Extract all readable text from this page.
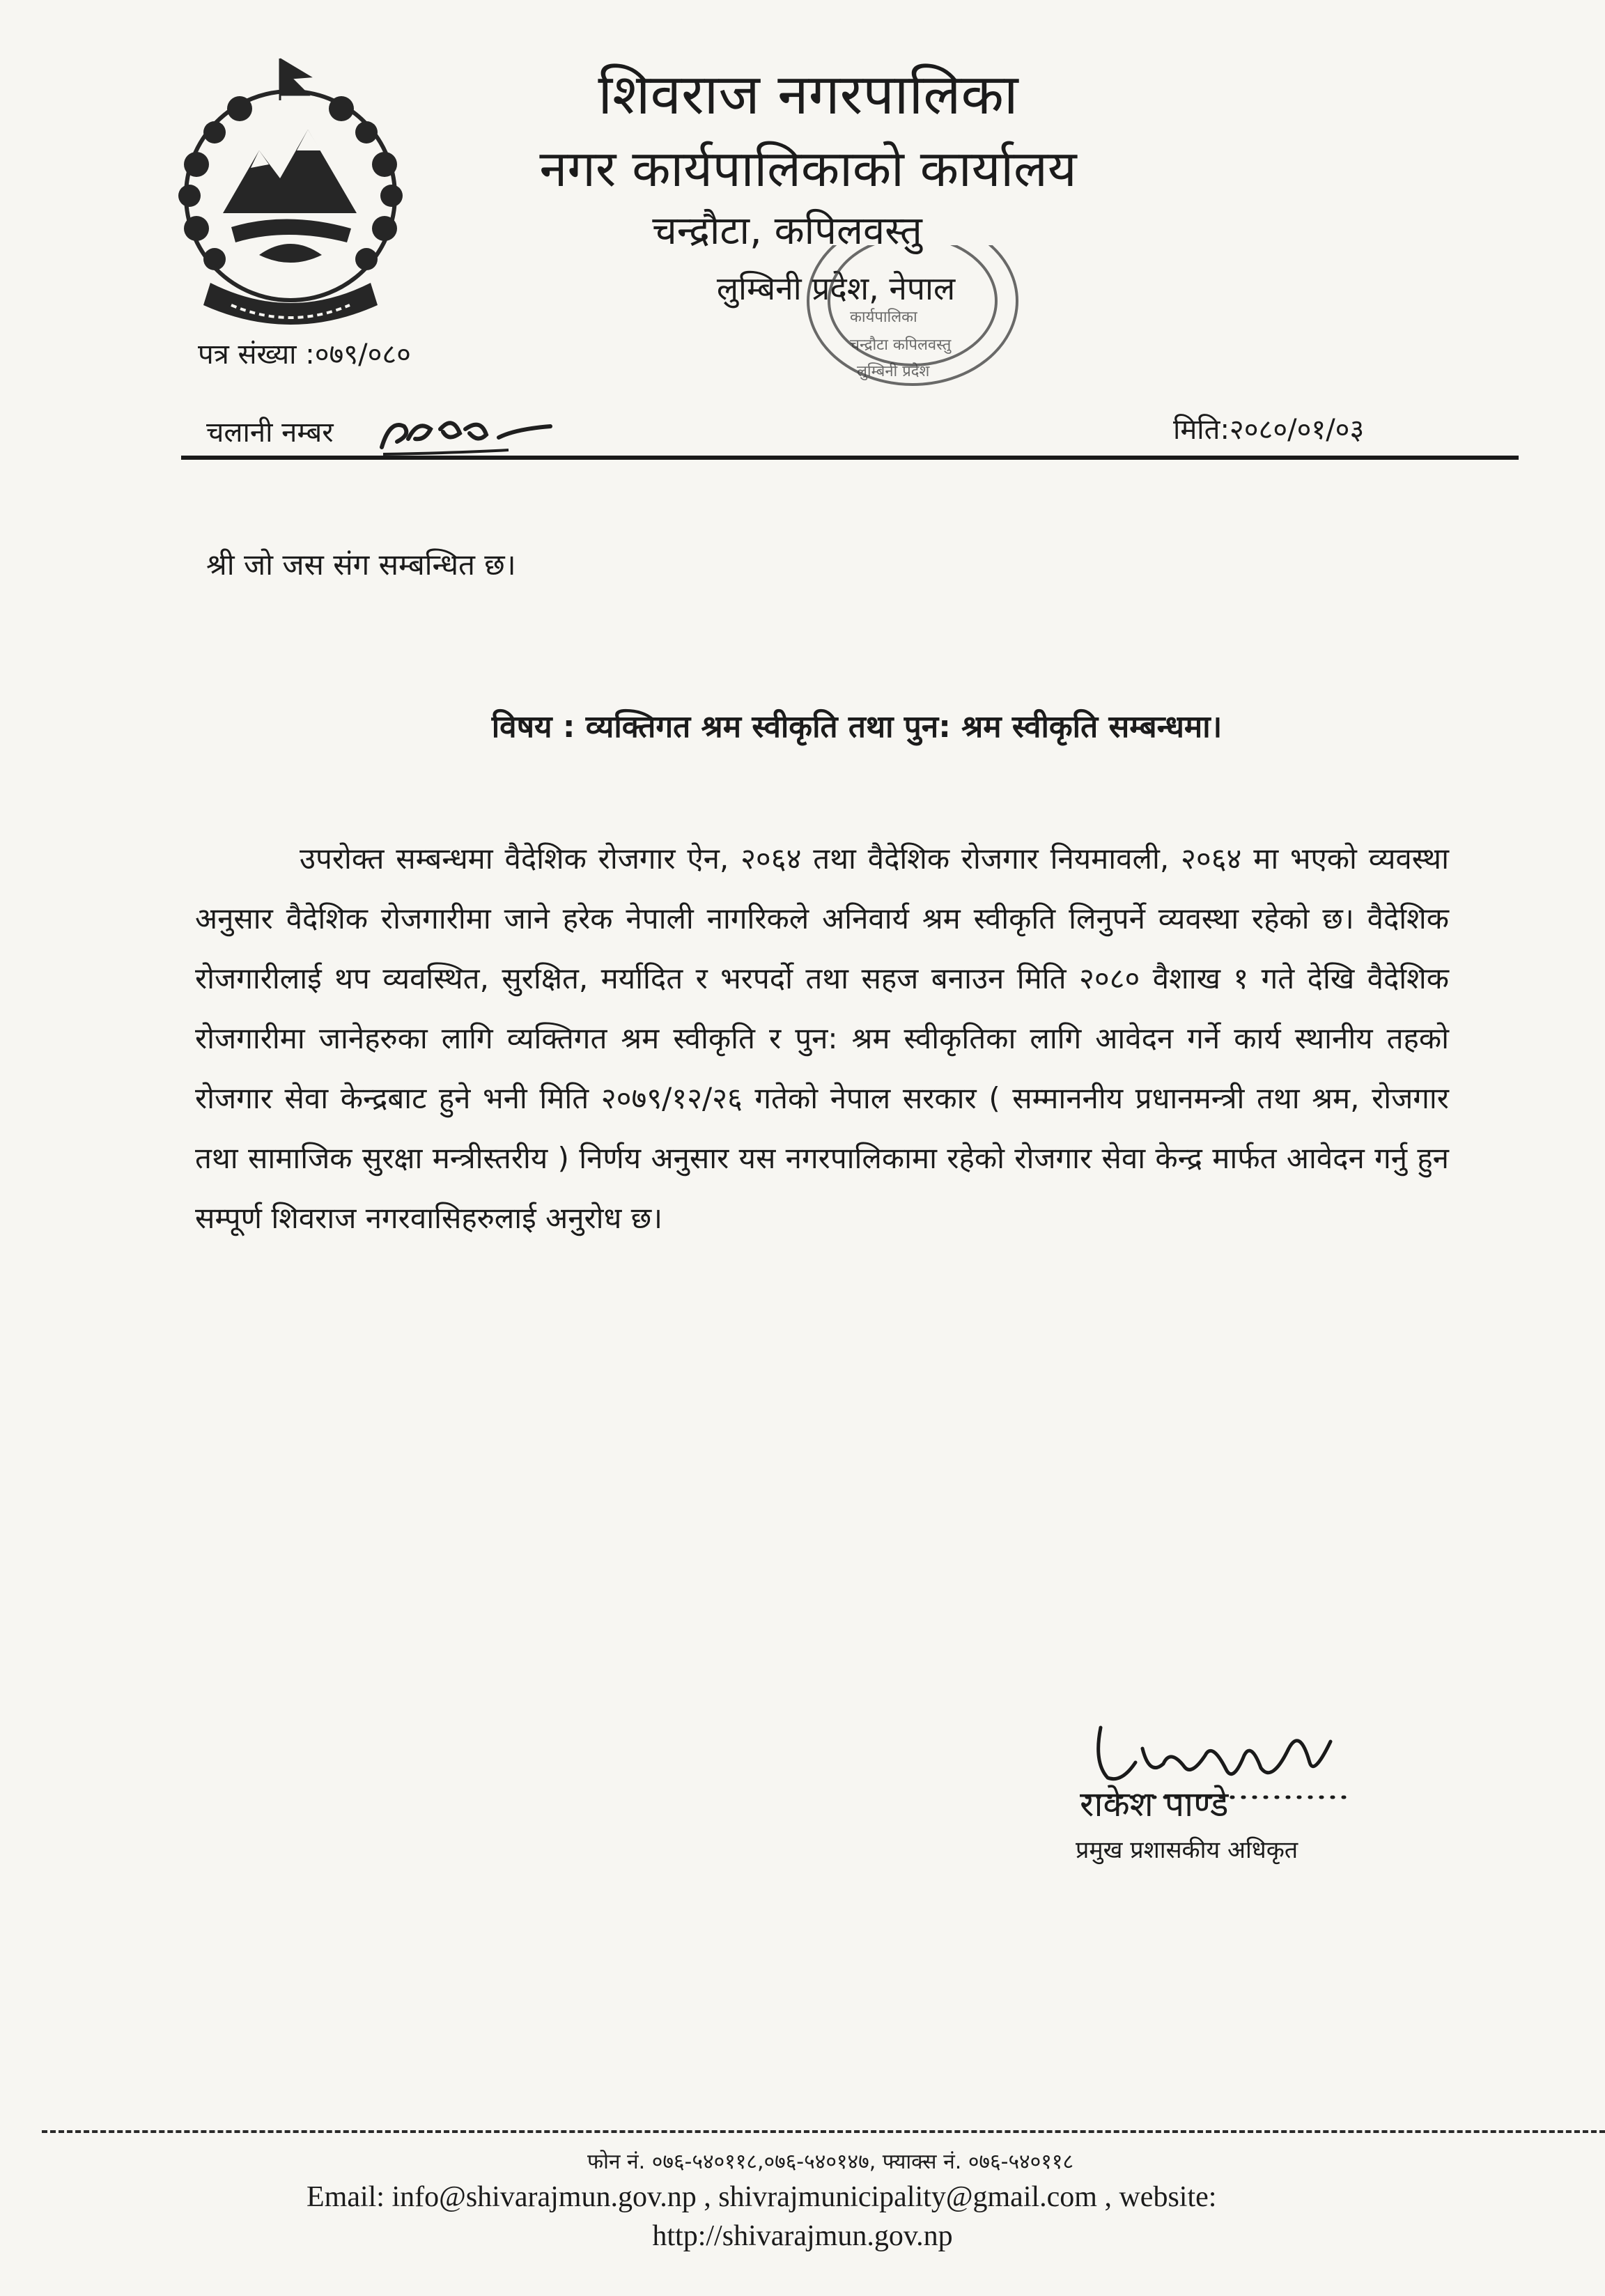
शिवराज नगरपालिका
नगर कार्यपालिकाको कार्यालय
चन्द्रौटा, कपिलवस्तु
लुम्बिनी प्रदेश, नेपाल
कार्यपालिका
चन्द्रौटा कपिलवस्तु
लुम्बिनी प्रदेश
पत्र संख्या :०७९/०८०
चलानी नम्बर	मिति:२०८०/०१/०३
श्री जो जस संग सम्बन्धित छ।
विषय : व्यक्तिगत श्रम स्वीकृति तथा पुन: श्रम स्वीकृति सम्बन्धमा।
उपरोक्त सम्बन्धमा वैदेशिक रोजगार ऐन, २०६४ तथा वैदेशिक रोजगार नियमावली, २०६४ मा भएको व्यवस्था अनुसार वैदेशिक रोजगारीमा जाने हरेक नेपाली नागरिकले अनिवार्य श्रम स्वीकृति लिनुपर्ने व्यवस्था रहेको छ। वैदेशिक रोजगारीलाई थप व्यवस्थित, सुरक्षित, मर्यादित र भरपर्दो तथा सहज बनाउन मिति २०८० वैशाख १ गते देखि वैदेशिक रोजगारीमा जानेहरुका लागि व्यक्तिगत श्रम स्वीकृति र पुन: श्रम स्वीकृतिका लागि आवेदन गर्ने कार्य स्थानीय तहको रोजगार सेवा केन्द्रबाट हुने भनी मिति २०७९/१२/२६ गतेको नेपाल सरकार ( सम्माननीय प्रधानमन्त्री तथा श्रम, रोजगार तथा सामाजिक सुरक्षा मन्त्रीस्तरीय ) निर्णय अनुसार यस नगरपालिकामा रहेको रोजगार सेवा केन्द्र मार्फत आवेदन गर्नु हुन सम्पूर्ण शिवराज नगरवासिहरुलाई अनुरोध छ।
राकेश पाण्डे
प्रमुख प्रशासकीय अधिकृत
फोन नं. ०७६-५४०११८,०७६-५४०१४७, फ्याक्स नं. ०७६-५४०११८
Email: info@shivarajmun.gov.np , shivrajmunicipality@gmail.com , website:
http://shivarajmun.gov.np
